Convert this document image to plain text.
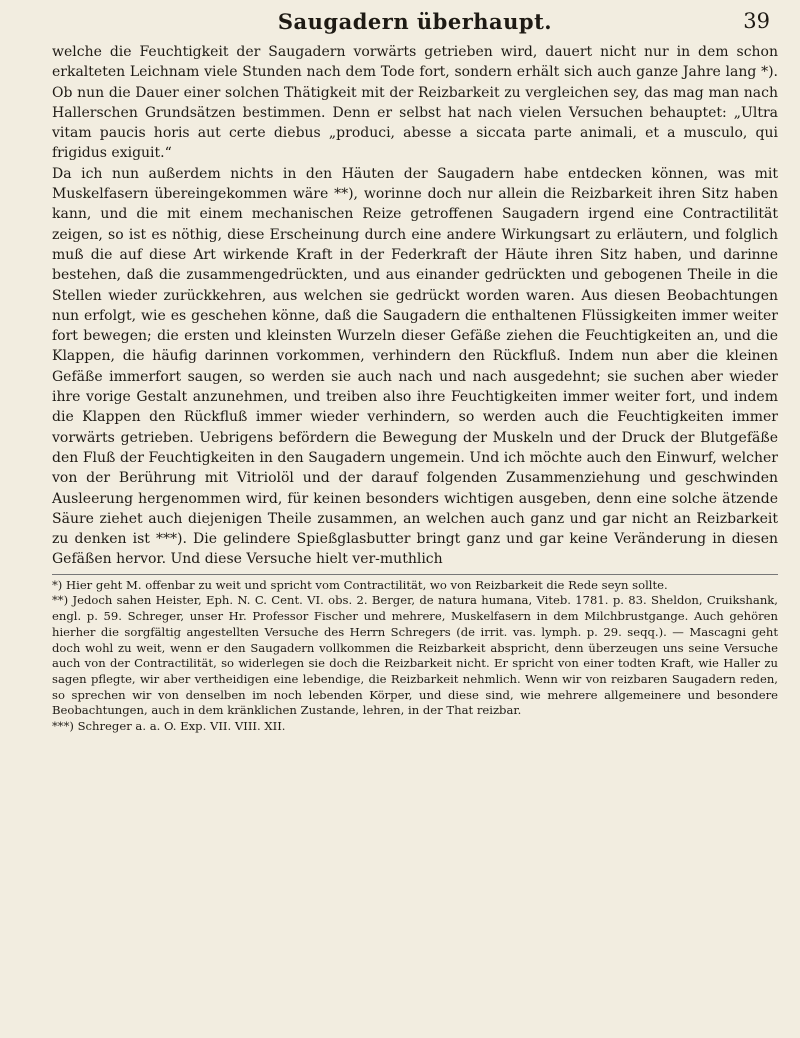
Saugadern überhaupt.	39

welche die Feuchtigkeit der Saugadern vorwärts getrieben wird, dauert nicht nur in dem schon erkalteten Leichnam viele Stunden nach dem Tode fort, sondern erhält sich auch ganze Jahre lang *). Ob nun die Dauer einer solchen Thätigkeit mit der Reizbarkeit zu vergleichen sey, das mag man nach Hallerschen Grundsätzen bestimmen. Denn er selbst hat nach vielen Versuchen behauptet: „Ultra vitam paucis horis aut certe diebus „produci, abesse a siccata parte animali, et a musculo, qui frigidus exiguit.“
Da ich nun außerdem nichts in den Häuten der Saugadern habe entdecken können, was mit Muskelfasern übereingekommen wäre **), worinne doch nur allein die Reizbarkeit ihren Sitz haben kann, und die mit einem mechanischen Reize getroffenen Saugadern irgend eine Contractilität zeigen, so ist es nöthig, diese Erscheinung durch eine andere Wirkungsart zu erläutern, und folglich muß die auf diese Art wirkende Kraft in der Federkraft der Häute ihren Sitz haben, und darinne bestehen, daß die zusammengedrückten, und aus einander gedrückten und gebogenen Theile in die Stellen wieder zurückkehren, aus welchen sie gedrückt worden waren. Aus diesen Beobachtungen nun erfolgt, wie es geschehen könne, daß die Saugadern die enthaltenen Flüssigkeiten immer weiter fort bewegen; die ersten und kleinsten Wurzeln dieser Gefäße ziehen die Feuchtigkeiten an, und die Klappen, die häufig darinnen vorkommen, verhindern den Rückfluß. Indem nun aber die kleinen Gefäße immerfort saugen, so werden sie auch nach und nach ausgedehnt; sie suchen aber wieder ihre vorige Gestalt anzunehmen, und treiben also ihre Feuchtigkeiten immer weiter fort, und indem die Klappen den Rückfluß immer wieder verhindern, so werden auch die Feuchtigkeiten immer vorwärts getrieben. Uebrigens befördern die Bewegung der Muskeln und der Druck der Blutgefäße den Fluß der Feuchtigkeiten in den Saugadern ungemein. Und ich möchte auch den Einwurf, welcher von der Berührung mit Vitriolöl und der darauf folgenden Zusammenziehung und geschwinden Ausleerung hergenommen wird, für keinen besonders wichtigen ausgeben, denn eine solche ätzende Säure ziehet auch diejenigen Theile zusammen, an welchen auch ganz und gar nicht an Reizbarkeit zu denken ist ***). Die gelindere Spießglasbutter bringt ganz und gar keine Veränderung in diesen Gefäßen hervor. Und diese Versuche hielt ver-muthlich

*) Hier geht M. offenbar zu weit und spricht vom Contractilität, wo von Reizbarkeit die Rede seyn sollte.

**) Jedoch sahen Heister, Eph. N. C. Cent. VI. obs. 2. Berger, de natura humana, Viteb. 1781. p. 83. Sheldon, Cruikshank, engl. p. 59. Schreger, unser Hr. Professor Fischer und mehrere, Muskelfasern in dem Milchbrustgange. Auch gehören hierher die sorgfältig angestellten Versuche des Herrn Schregers (de irrit. vas. lymph. p. 29. seqq.). — Mascagni geht doch wohl zu weit, wenn er den Saugadern vollkommen die Reizbarkeit abspricht, denn überzeugen uns seine Versuche auch von der Contractilität, so widerlegen sie doch die Reizbarkeit nicht. Er spricht von einer todten Kraft, wie Haller zu sagen pflegte, wir aber vertheidigen eine lebendige, die Reizbarkeit nehmlich. Wenn wir von reizbaren Saugadern reden, so sprechen wir von denselben im noch lebenden Körper, und diese sind, wie mehrere allgemeinere und besondere Beobachtungen, auch in dem kränklichen Zustande, lehren, in der That reizbar.

***) Schreger a. a. O. Exp. VII. VIII. XII.
